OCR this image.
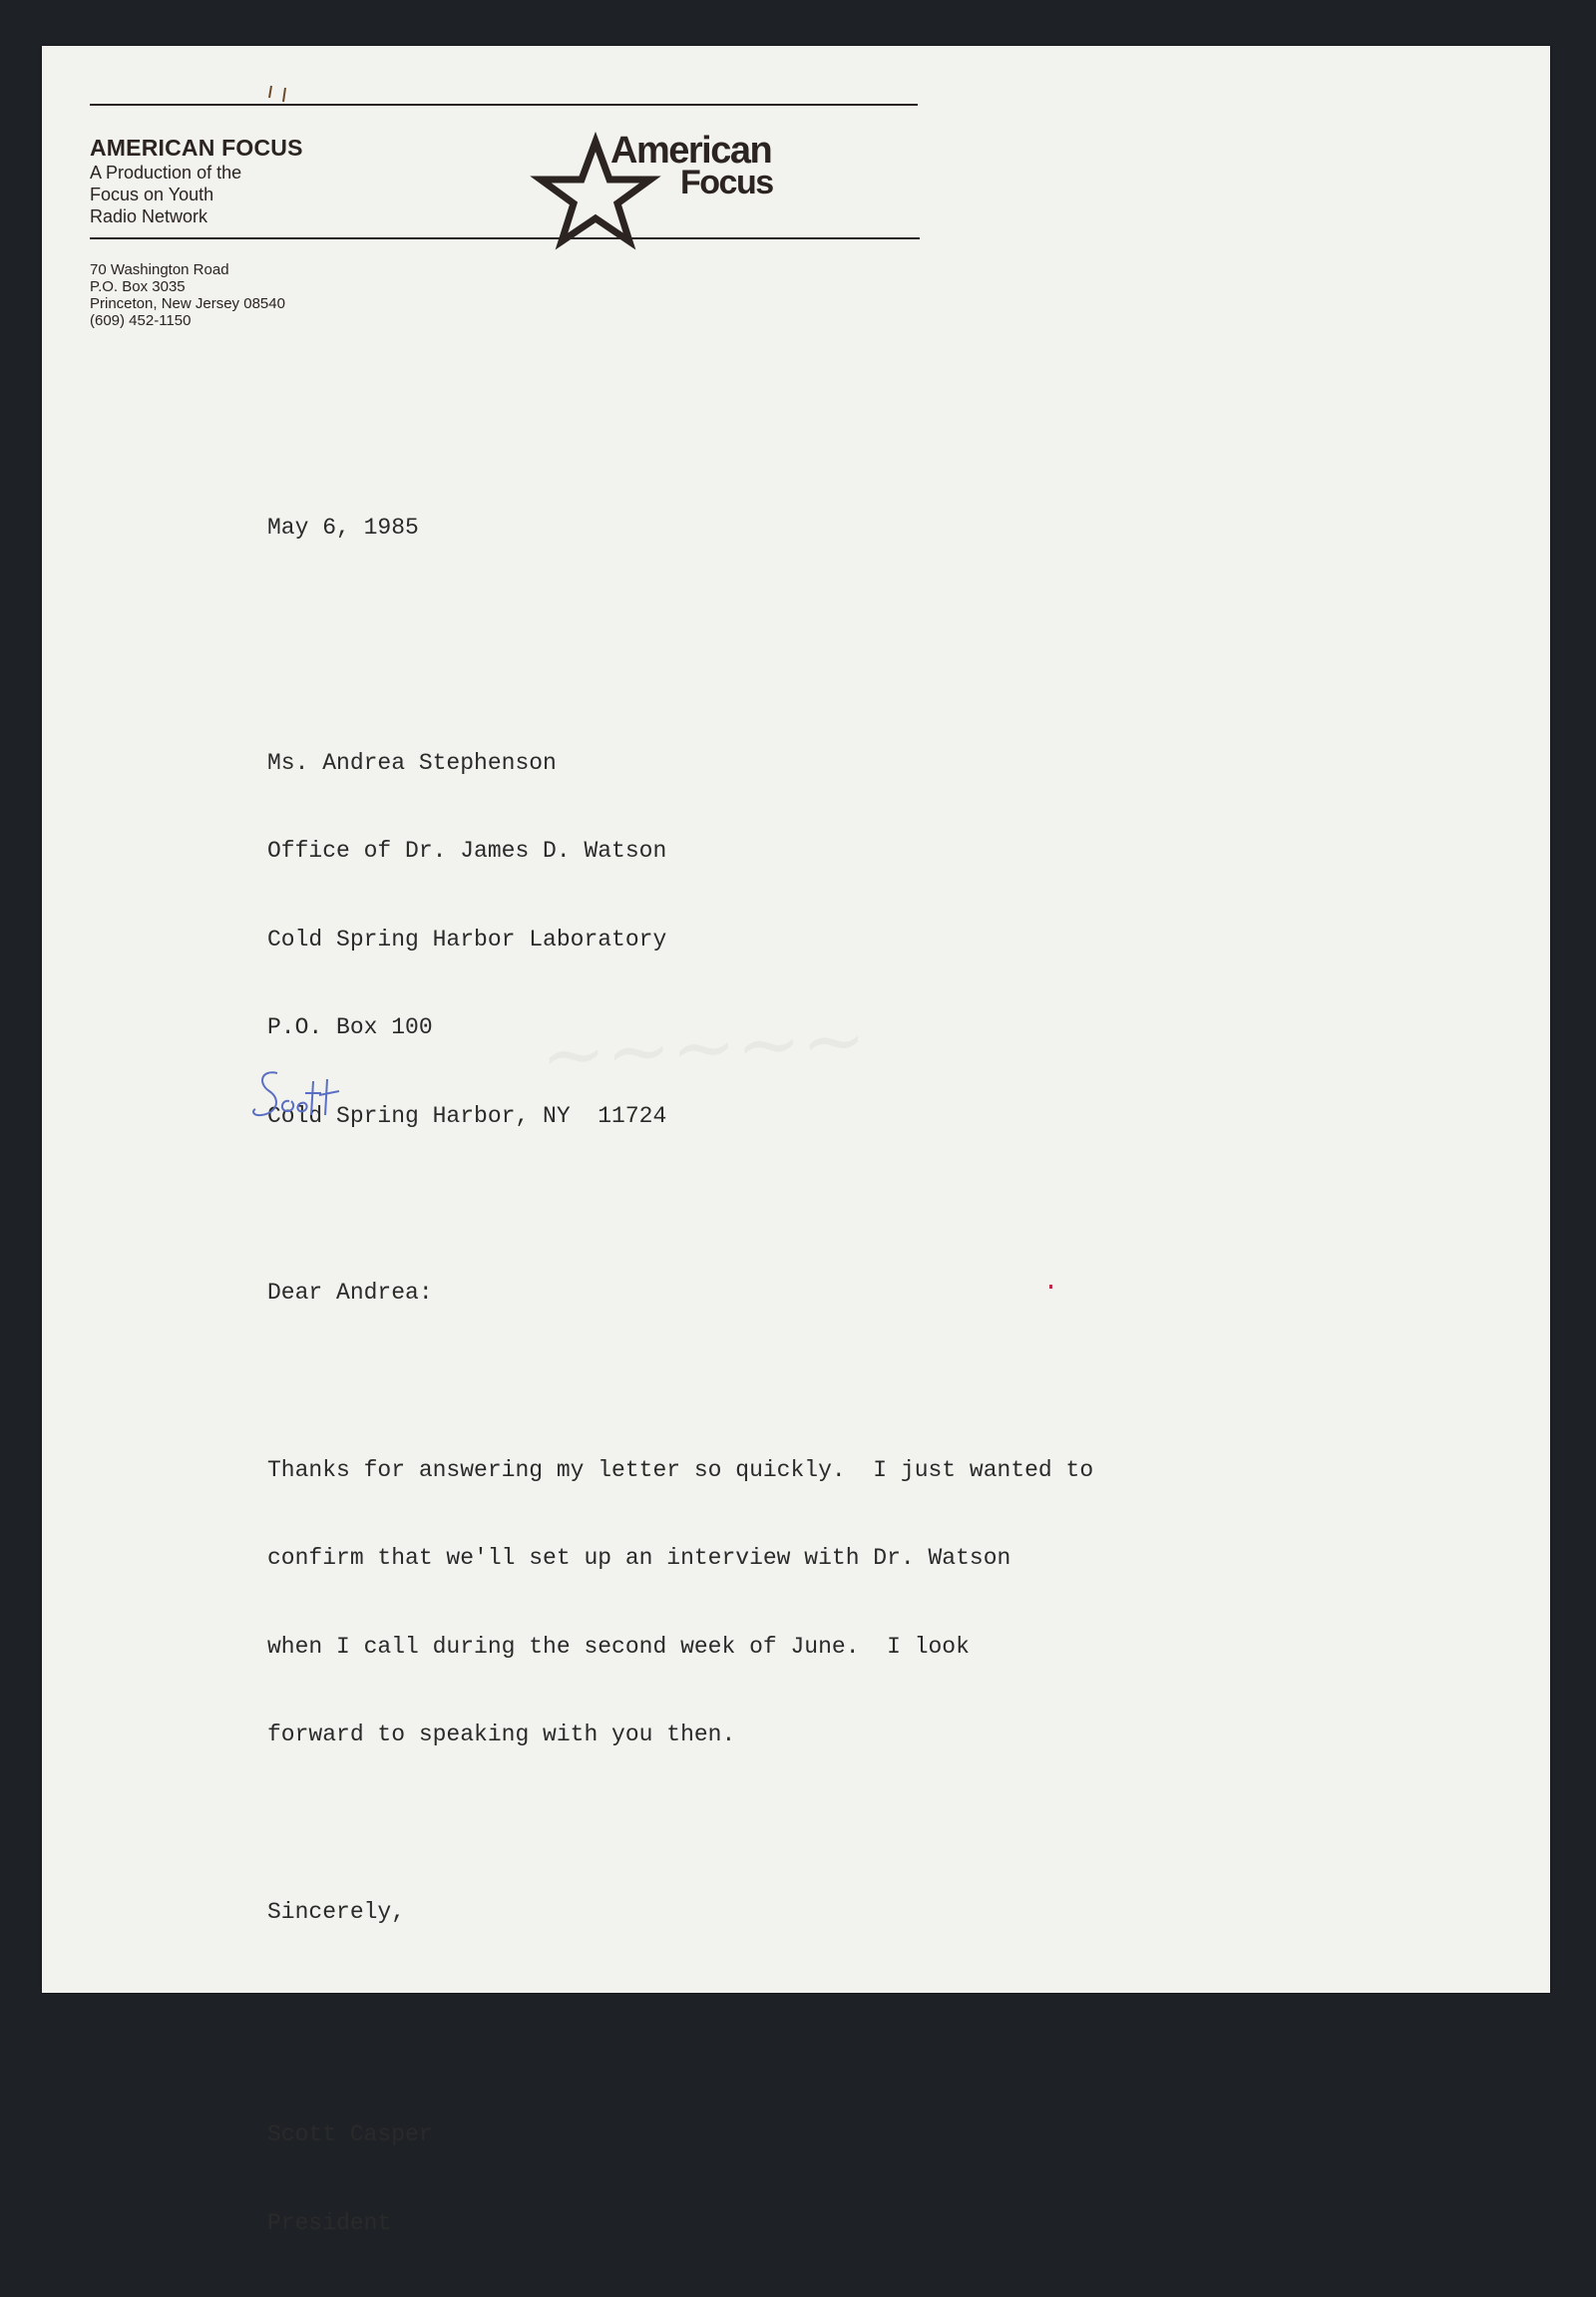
AMERICAN FOCUS
A Production of the
Focus on Youth
Radio Network
American
Focus
70 Washington Road
P.O. Box 3035
Princeton, New Jersey 08540
(609) 452-1150
~~~~~

May 6, 1985

Ms. Andrea Stephenson

Office of Dr. James D. Watson

Cold Spring Harbor Laboratory

P.O. Box 100

Cold Spring Harbor, NY  11724

Dear Andrea:

Thanks for answering my letter so quickly.  I just wanted to

confirm that we'll set up an interview with Dr. Watson

when I call during the second week of June.  I look

forward to speaking with you then.

Sincerely,

Scott Casper

President
